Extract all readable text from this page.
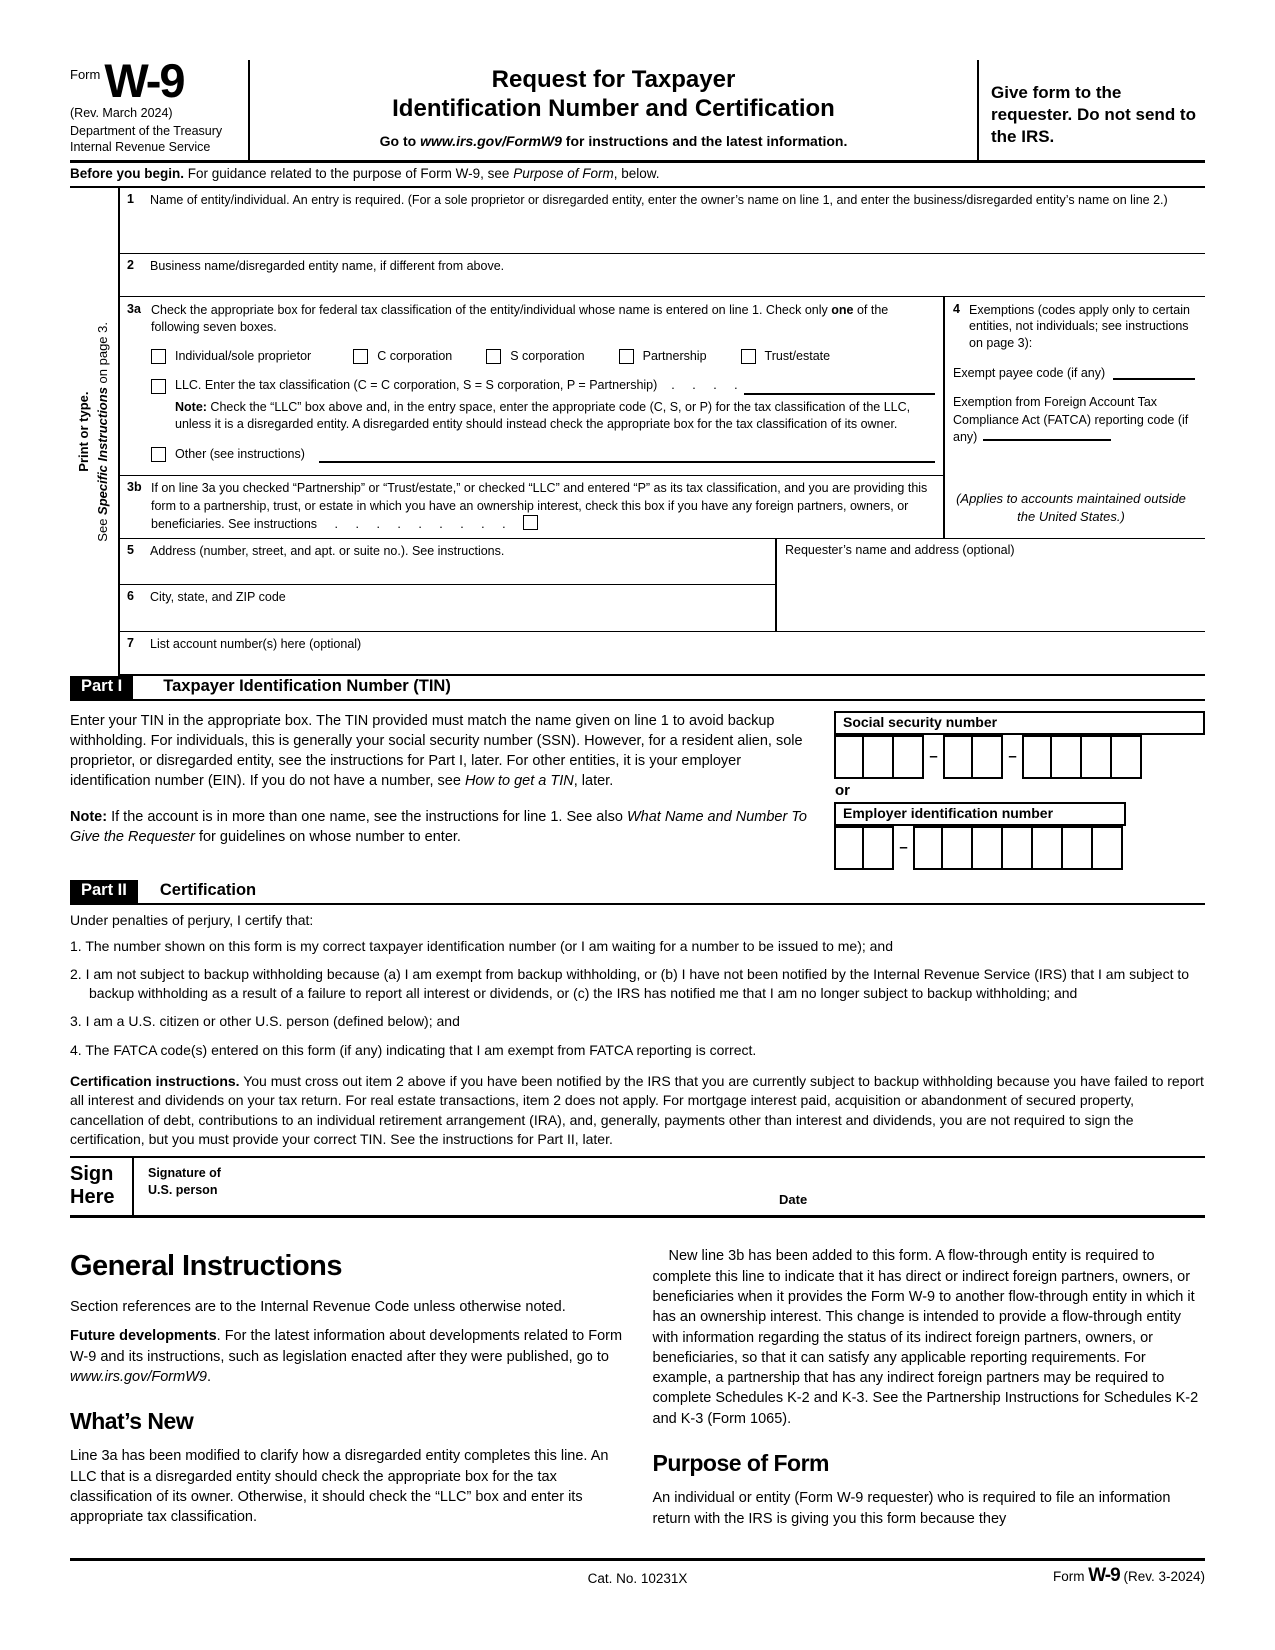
$^{Form}$W-9
(Rev. March 2024)
Department of the Treasury
Internal Revenue Service
Request for Taxpayer
Identification Number and Certification
Go to www.irs.gov/FormW9 for instructions and the latest information.
Give form to the requester. Do not send to the IRS.
Before you begin. For guidance related to the purpose of Form W-9, see Purpose of Form, below.
Print or type.
See Specific Instructions on page 3.
1	Name of entity/individual. An entry is required. (For a sole proprietor or disregarded entity, enter the owner’s name on line 1, and enter the business/disregarded entity’s name on line 2.)
2	Business name/disregarded entity name, if different from above.
3a Check the appropriate box for federal tax classification of the entity/individual whose name is entered on line 1. Check only one of the following seven boxes.
Individual/sole proprietor	C corporation	S corporation	Partnership	Trust/estate
LLC. Enter the tax classification (C = C corporation, S = S corporation, P = Partnership) . . . .
Note: Check the “LLC” box above and, in the entry space, enter the appropriate code (C, S, or P) for the tax classification of the LLC, unless it is a disregarded entity. A disregarded entity should instead check the appropriate box for the tax classification of its owner.
Other (see instructions)
3b If on line 3a you checked “Partnership” or “Trust/estate,” or checked “LLC” and entered “P” as its tax classification, and you are providing this form to a partnership, trust, or estate in which you have an ownership interest, check this box if you have any foreign partners, owners, or beneficiaries. See instructions . . . . . . . . .
4 Exemptions (codes apply only to certain entities, not individuals; see instructions on page 3):
Exempt payee code (if any)
Exemption from Foreign Account Tax Compliance Act (FATCA) reporting code (if any)
(Applies to accounts maintained outside the United States.)
5	Address (number, street, and apt. or suite no.). See instructions.
6	City, state, and ZIP code
Requester’s name and address (optional)
7	List account number(s) here (optional)
Part I	Taxpayer Identification Number (TIN)
Enter your TIN in the appropriate box. The TIN provided must match the name given on line 1 to avoid backup withholding. For individuals, this is generally your social security number (SSN). However, for a resident alien, sole proprietor, or disregarded entity, see the instructions for Part I, later. For other entities, it is your employer identification number (EIN). If you do not have a number, see How to get a TIN, later.
Note: If the account is in more than one name, see the instructions for line 1. See also What Name and Number To Give the Requester for guidelines on whose number to enter.
Social security number
–	–
or
Employer identification number
–
Part II	Certification
Under penalties of perjury, I certify that:
1. The number shown on this form is my correct taxpayer identification number (or I am waiting for a number to be issued to me); and
2. I am not subject to backup withholding because (a) I am exempt from backup withholding, or (b) I have not been notified by the Internal Revenue Service (IRS) that I am subject to backup withholding as a result of a failure to report all interest or dividends, or (c) the IRS has notified me that I am no longer subject to backup withholding; and
3. I am a U.S. citizen or other U.S. person (defined below); and
4. The FATCA code(s) entered on this form (if any) indicating that I am exempt from FATCA reporting is correct.
Certification instructions. You must cross out item 2 above if you have been notified by the IRS that you are currently subject to backup withholding because you have failed to report all interest and dividends on your tax return. For real estate transactions, item 2 does not apply. For mortgage interest paid, acquisition or abandonment of secured property, cancellation of debt, contributions to an individual retirement arrangement (IRA), and, generally, payments other than interest and dividends, you are not required to sign the certification, but you must provide your correct TIN. See the instructions for Part II, later.
Sign
Here
Signature of
U.S. person
Date
General Instructions

Section references are to the Internal Revenue Code unless otherwise noted.

Future developments. For the latest information about developments related to Form W-9 and its instructions, such as legislation enacted after they were published, go to www.irs.gov/FormW9.

What’s New

Line 3a has been modified to clarify how a disregarded entity completes this line. An LLC that is a disregarded entity should check the appropriate box for the tax classification of its owner. Otherwise, it should check the “LLC” box and enter its appropriate tax classification.

New line 3b has been added to this form. A flow-through entity is required to complete this line to indicate that it has direct or indirect foreign partners, owners, or beneficiaries when it provides the Form W-9 to another flow-through entity in which it has an ownership interest. This change is intended to provide a flow-through entity with information regarding the status of its indirect foreign partners, owners, or beneficiaries, so that it can satisfy any applicable reporting requirements. For example, a partnership that has any indirect foreign partners may be required to complete Schedules K-2 and K-3. See the Partnership Instructions for Schedules K-2 and K-3 (Form 1065).

Purpose of Form

An individual or entity (Form W-9 requester) who is required to file an information return with the IRS is giving you this form because they

Cat. No. 10231X	Form W-9 (Rev. 3-2024)
